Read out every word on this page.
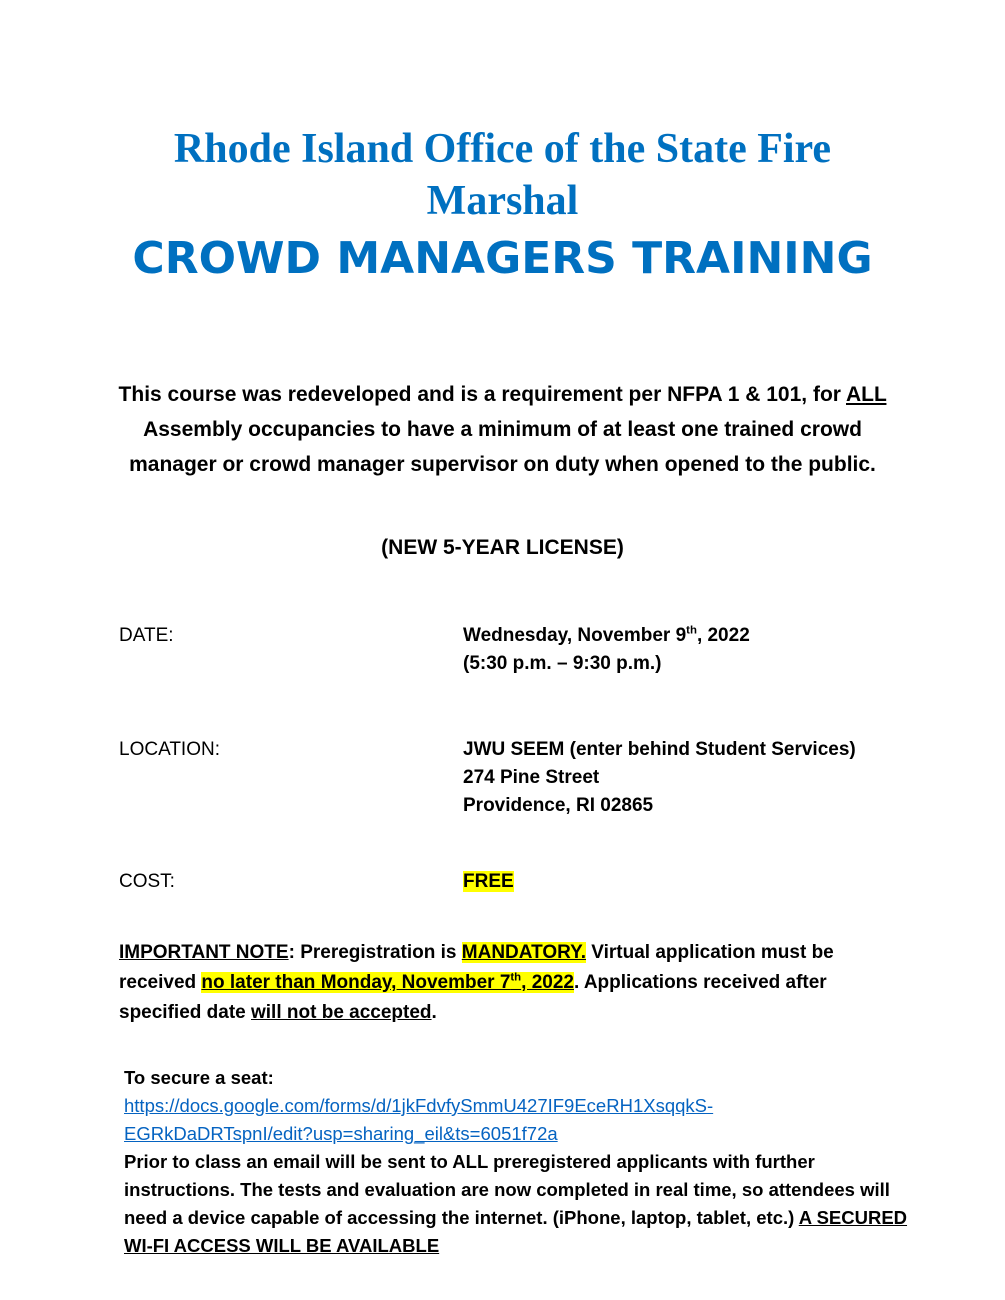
Rhode Island Office of the State Fire
Marshal
CROWD MANAGERS TRAINING
This course was redeveloped and is a requirement per NFPA 1 & 101, for ALL Assembly occupancies to have a minimum of at least one trained crowd manager or crowd manager supervisor on duty when opened to the public.
(NEW 5-YEAR LICENSE)
DATE:	Wednesday, November 9th, 2022
(5:30 p.m. – 9:30 p.m.)
LOCATION:	JWU SEEM (enter behind Student Services)
274 Pine Street
Providence, RI 02865
COST:	FREE
IMPORTANT NOTE: Preregistration is MANDATORY. Virtual application must be received no later than Monday, November 7th, 2022. Applications received after specified date will not be accepted.
To secure a seat:
https://docs.google.com/forms/d/1jkFdvfySmmU427IF9EceRH1XsqqkS-
EGRkDaDRTspnI/edit?usp=sharing_eil&ts=6051f72a
Prior to class an email will be sent to ALL preregistered applicants with further instructions. The tests and evaluation are now completed in real time, so attendees will need a device capable of accessing the internet. (iPhone, laptop, tablet, etc.) A SECURED WI-FI ACCESS WILL BE AVAILABLE
